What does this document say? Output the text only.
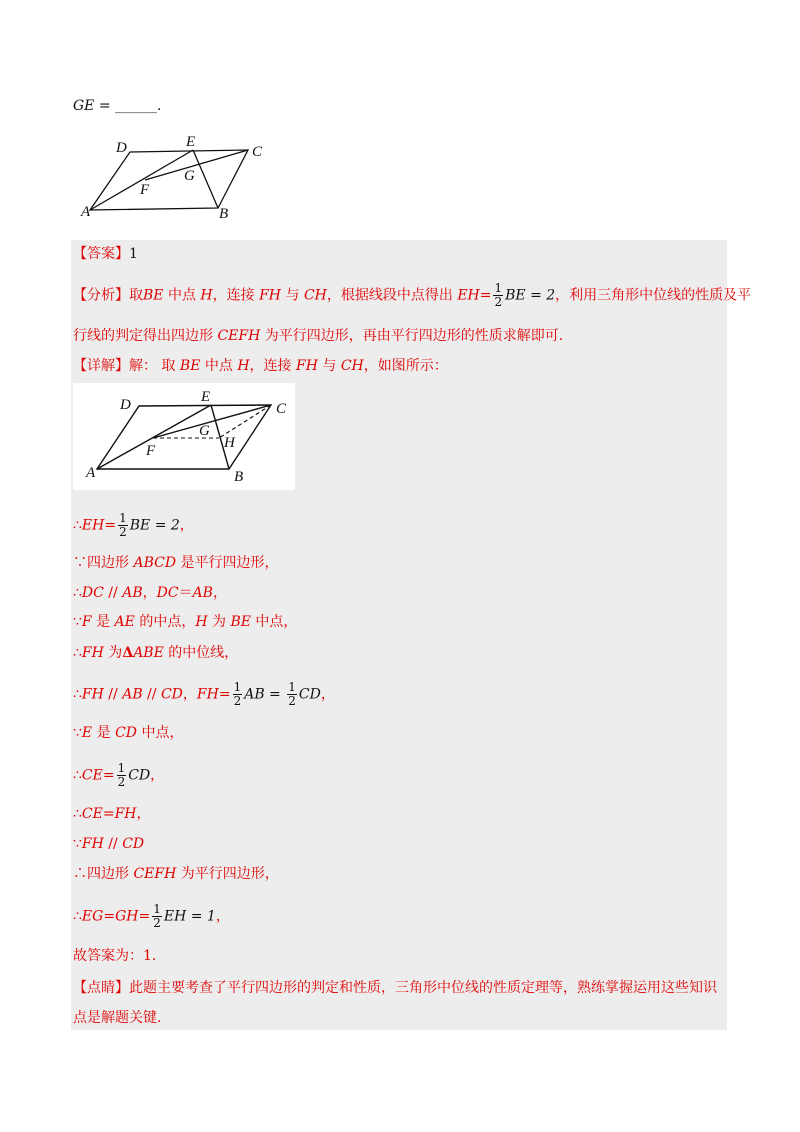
GE = ______.
D	E
C
G
F
A	B
【答案】1
【分析】取BE 中点 H，连接 FH 与 CH，根据线段中点得出 $EH= \frac{1}{2}$ BE = 2，利用三角形中位线的性质及平
行线的判定得出四边形 CEFH 为平行四边形，再由平行四边形的性质求解即可.
【详解】解： 取 BE 中点 H，连接 FH 与 CH，如图所示：
D	E
C
G
H
F
A	B
∴EH= $\frac{1}{2}$ BE = 2，
∵四边形 ABCD 是平行四边形，
∴DC // AB，DC＝AB，
∵F 是 AE 的中点，H 为 BE 中点，
∴FH 为ΔABE 的中位线，
∴FH // AB // CD，$FH= \frac{1}{2}$ AB = $\frac{1}{2}$ CD，
∵E 是 CD 中点，
∴CE= $\frac{1}{2}$ CD，
∴CE=FH，
∵FH // CD
∴四边形 CEFH 为平行四边形，
∴EG=GH= $\frac{1}{2}$ EH = 1，
故答案为：1.
【点睛】此题主要考查了平行四边形的判定和性质，三角形中位线的性质定理等，熟练掌握运用这些知识
点是解题关键.
